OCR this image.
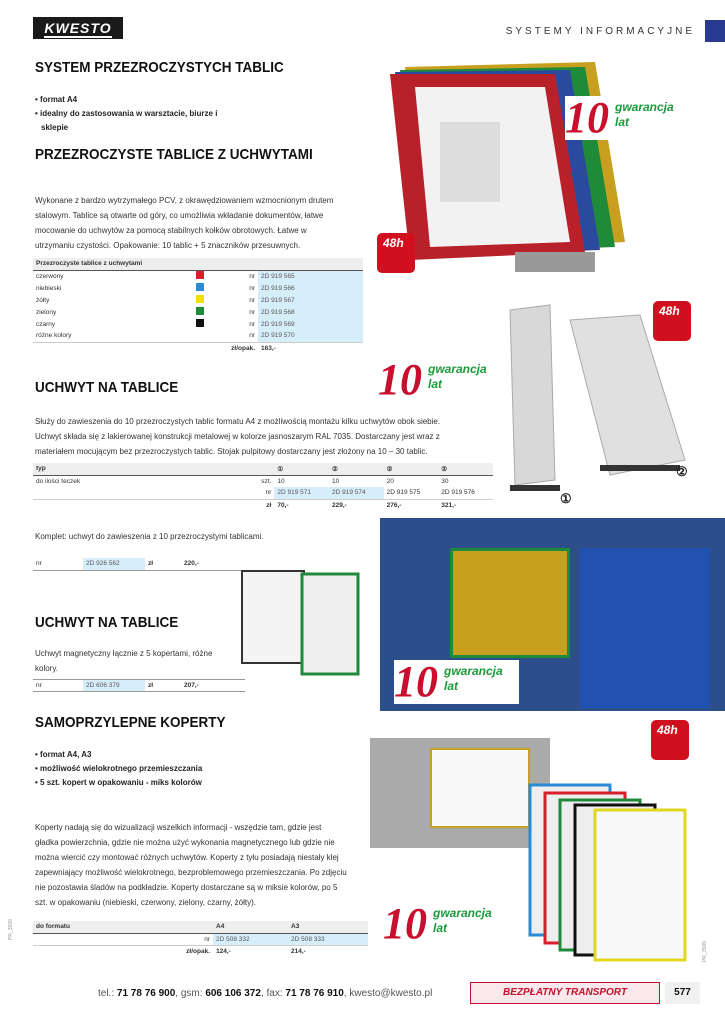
KWESTO	SYSTEMY INFORMACYJNE
SYSTEM PRZEZROCZYSTYCH TABLIC
• format A4
• idealny do zastosowania w warsztacie, biurze i
sklepie
PRZEZROCZYSTE TABLICE Z UCHWYTAMI
Wykonane z bardzo wytrzymałego PCV, z okrawędziowaniem wzmocnionym drutem
stalowym. Tablice są otwarte od góry, co umożliwia wkładanie dokumentów, łatwe
mocowanie do uchwytów za pomocą stabilnych kołków obrotowych. Łatwe w
utrzymaniu czystości. Opakowanie: 10 tablic + 5 znaczników przesuwnych.
Przezroczyste tablice z uchwytami			
czerwony		nr	2D 919 565
niebieski		nr	2D 919 566
żółty		nr	2D 919 567
zielony		nr	2D 919 568
czarny		nr	2D 919 569
różne kolory		nr	2D 919 570
		zł/opak.	163,-
UCHWYT NA TABLICE
Służy do zawieszenia do 10 przezroczystych tablic formatu A4 z możliwością montażu kilku uchwytów obok siebie.
Uchwyt składa się z lakierowanej konstrukcji metalowej w kolorze jasnoszarym RAL 7035. Dostarczany jest wraz z
materiałem mocującym bez przezroczystych tablic. Stojak pulpitowy dostarczany jest złożony na 10 – 30 tablic.
typ		①	②	②	②
do ilości teczek	szt.	10	10	20	30
	nr	2D 919 571	2D 919 574	2D 919 575	2D 919 576
	zł	70,-	229,-	276,-	321,-
Komplet: uchwyt do zawieszenia z 10 przezroczystymi tablicami.
nr	2D 926 562	zł	220,-
UCHWYT NA TABLICE
Uchwyt magnetyczny łącznie z 5 kopertami, różne
kolory.
nr	2D 606 379	zł	207,-
SAMOPRZYLEPNE KOPERTY
• format A4, A3
• możliwość wielokrotnego przemieszczania
• 5 szt. kopert w opakowaniu - miks kolorów
Koperty nadają się do wizualizacji wszelkich informacji - wszędzie tam, gdzie jest
gładka powierzchnia, gdzie nie można użyć wykonania magnetycznego lub gdzie nie
można wiercić czy montować różnych uchwytów. Koperty z tyłu posiadają niestały klej
zapewniający możliwość wielokrotnego, bezproblemowego przemieszczania. Po zdjęciu
nie pozostawia śladów na podkładzie. Koperty dostarczane są w miksie kolorów, po 5
szt. w opakowaniu (niebieski, czerwony, zielony, czarny, żółty).
do formatu	A4	A3
nr	2D 508 332	2D 508 333
zł/opak.	124,-	214,-
PR_3599
PR_3599
10 gwarancja
lat
10 gwarancja
lat
10 gwarancja
lat
10 gwarancja
lat
48h
48h
48h
①
②
tel.: 71 78 76 900, gsm: 606 106 372, fax: 71 78 76 910, kwesto@kwesto.pl	BEZPŁATNY TRANSPORT	577
